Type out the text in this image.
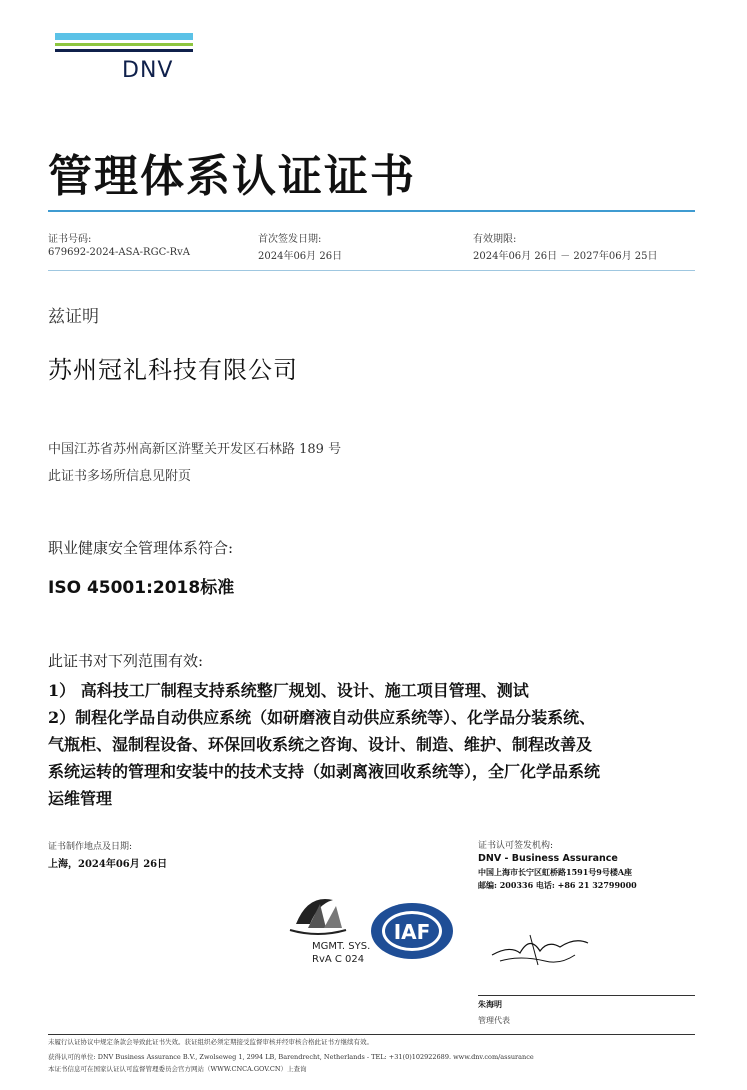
DNV
管理体系认证证书
证书号码:
679692-2024-ASA-RGC-RvA
首次签发日期:
2024年06月 26日
有效期限:
2024年06月 26日 － 2027年06月 25日
兹证明
苏州冠礼科技有限公司
中国江苏省苏州高新区浒墅关开发区石林路 189 号
此证书多场所信息见附页
职业健康安全管理体系符合:
ISO 45001:2018标准
此证书对下列范围有效:

1） 高科技工厂制程支持系统整厂规划、设计、施工项目管理、测试

2）制程化学品自动供应系统（如研磨液自动供应系统等）、化学品分装系统、

气瓶柜、湿制程设备、环保回收系统之咨询、设计、制造、维护、制程改善及

系统运转的管理和安装中的技术支持（如剥离液回收系统等），全厂化学品系统

运维管理

证书制作地点及日期:
上海，2024年06月 26日
证书认可签发机构:
DNV - Business Assurance
中国上海市长宁区虹桥路1591号9号楼A座
邮编: 200336 电话: +86 21 32799000
MGMT. SYS.
RvA C 024
IAF
朱海明
管理代表
未履行认证协议中规定条款会导致此证书失效。获证组织必须定期接受监督审核并经审核合格此证书方继续有效。
获得认可的单位: DNV Business Assurance B.V., Zwolseweg 1, 2994 LB, Barendrecht, Netherlands - TEL: +31(0)102922689. www.dnv.com/assurance
本证书信息可在国家认证认可监督管理委员会官方网站（WWW.CNCA.GOV.CN）上查询
